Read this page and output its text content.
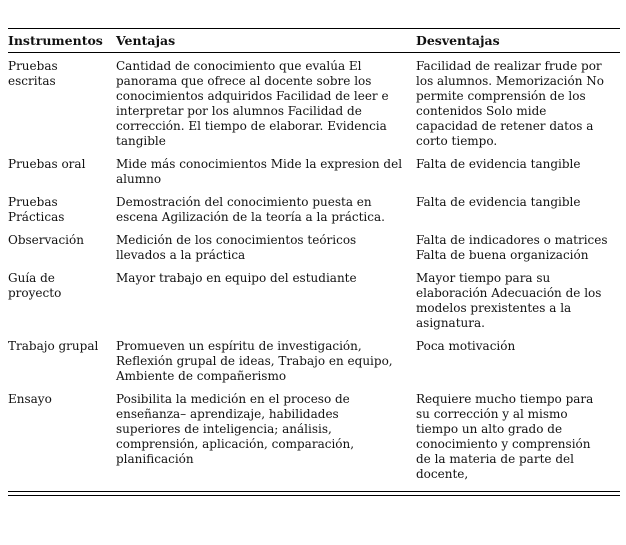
Instrumentos	Ventajas	Desventajas
Pruebas escritas	Cantidad de conocimiento que evalúa El panorama que ofrece al docente sobre los conocimientos adquiridos Facilidad de leer e interpretar por los alumnos Facilidad de corrección. El tiempo de elaborar. Evidencia tangible	Facilidad de realizar frude por los alumnos. Memorización No permite comprensión de los contenidos Solo mide capacidad de retener datos a corto tiempo.
Pruebas oral	Mide más conocimientos Mide la expresion del alumno	Falta de evidencia tangible
Pruebas Prácticas	Demostración del conocimiento puesta en escena Agilización de la teoría a la práctica.	Falta de evidencia tangible
Observación	Medición de los conocimientos teóricos llevados a la práctica	Falta de indicadores o matrices Falta de buena organización
Guía de proyecto	Mayor trabajo en equipo del estudiante	Mayor tiempo para su elaboración Adecuación de los modelos prexistentes a la asignatura.
Trabajo grupal	Promueven un espíritu de investigación, Reflexión grupal de ideas, Trabajo en equipo, Ambiente de compañerismo	Poca motivación
Ensayo	Posibilita la medición en el proceso de enseñanza– aprendizaje, habilidades superiores de inteligencia; análisis, comprensión, aplicación, comparación, planificación	Requiere mucho tiempo para su corrección y al mismo tiempo un alto grado de conocimiento y comprensión de la materia de parte del docente,
